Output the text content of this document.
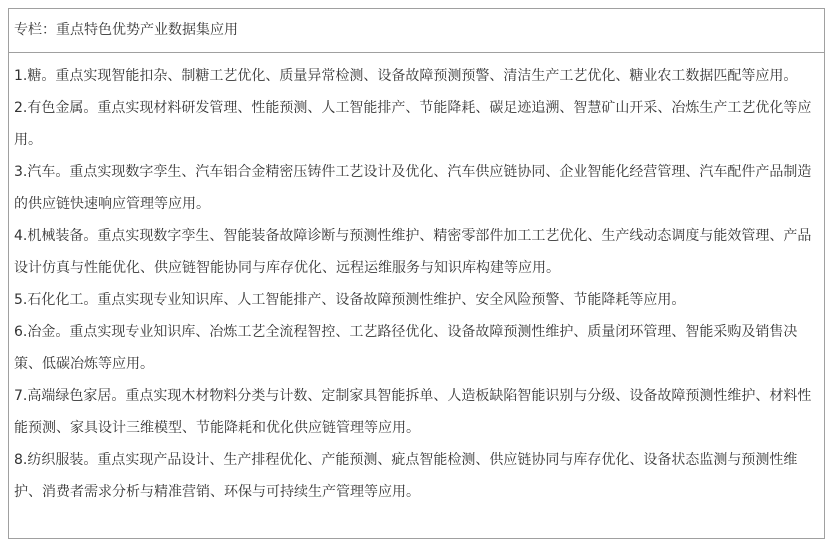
专栏：重点特色优势产业数据集应用

1.糖。重点实现智能扣杂、制糖工艺优化、质量异常检测、设备故障预测预警、清洁生产工艺优化、糖业农工数据匹配等应用。

2.有色金属。重点实现材料研发管理、性能预测、人工智能排产、节能降耗、碳足迹追溯、智慧矿山开采、冶炼生产工艺优化等应用。

3.汽车。重点实现数字孪生、汽车铝合金精密压铸件工艺设计及优化、汽车供应链协同、企业智能化经营管理、汽车配件产品制造的供应链快速响应管理等应用。

4.机械装备。重点实现数字孪生、智能装备故障诊断与预测性维护、精密零部件加工工艺优化、生产线动态调度与能效管理、产品设计仿真与性能优化、供应链智能协同与库存优化、远程运维服务与知识库构建等应用。

5.石化化工。重点实现专业知识库、人工智能排产、设备故障预测性维护、安全风险预警、节能降耗等应用。

6.冶金。重点实现专业知识库、冶炼工艺全流程智控、工艺路径优化、设备故障预测性维护、质量闭环管理、智能采购及销售决策、低碳冶炼等应用。

7.高端绿色家居。重点实现木材物料分类与计数、定制家具智能拆单、人造板缺陷智能识别与分级、设备故障预测性维护、材料性能预测、家具设计三维模型、节能降耗和优化供应链管理等应用。

8.纺织服装。重点实现产品设计、生产排程优化、产能预测、疵点智能检测、供应链协同与库存优化、设备状态监测与预测性维护、消费者需求分析与精准营销、环保与可持续生产管理等应用。
